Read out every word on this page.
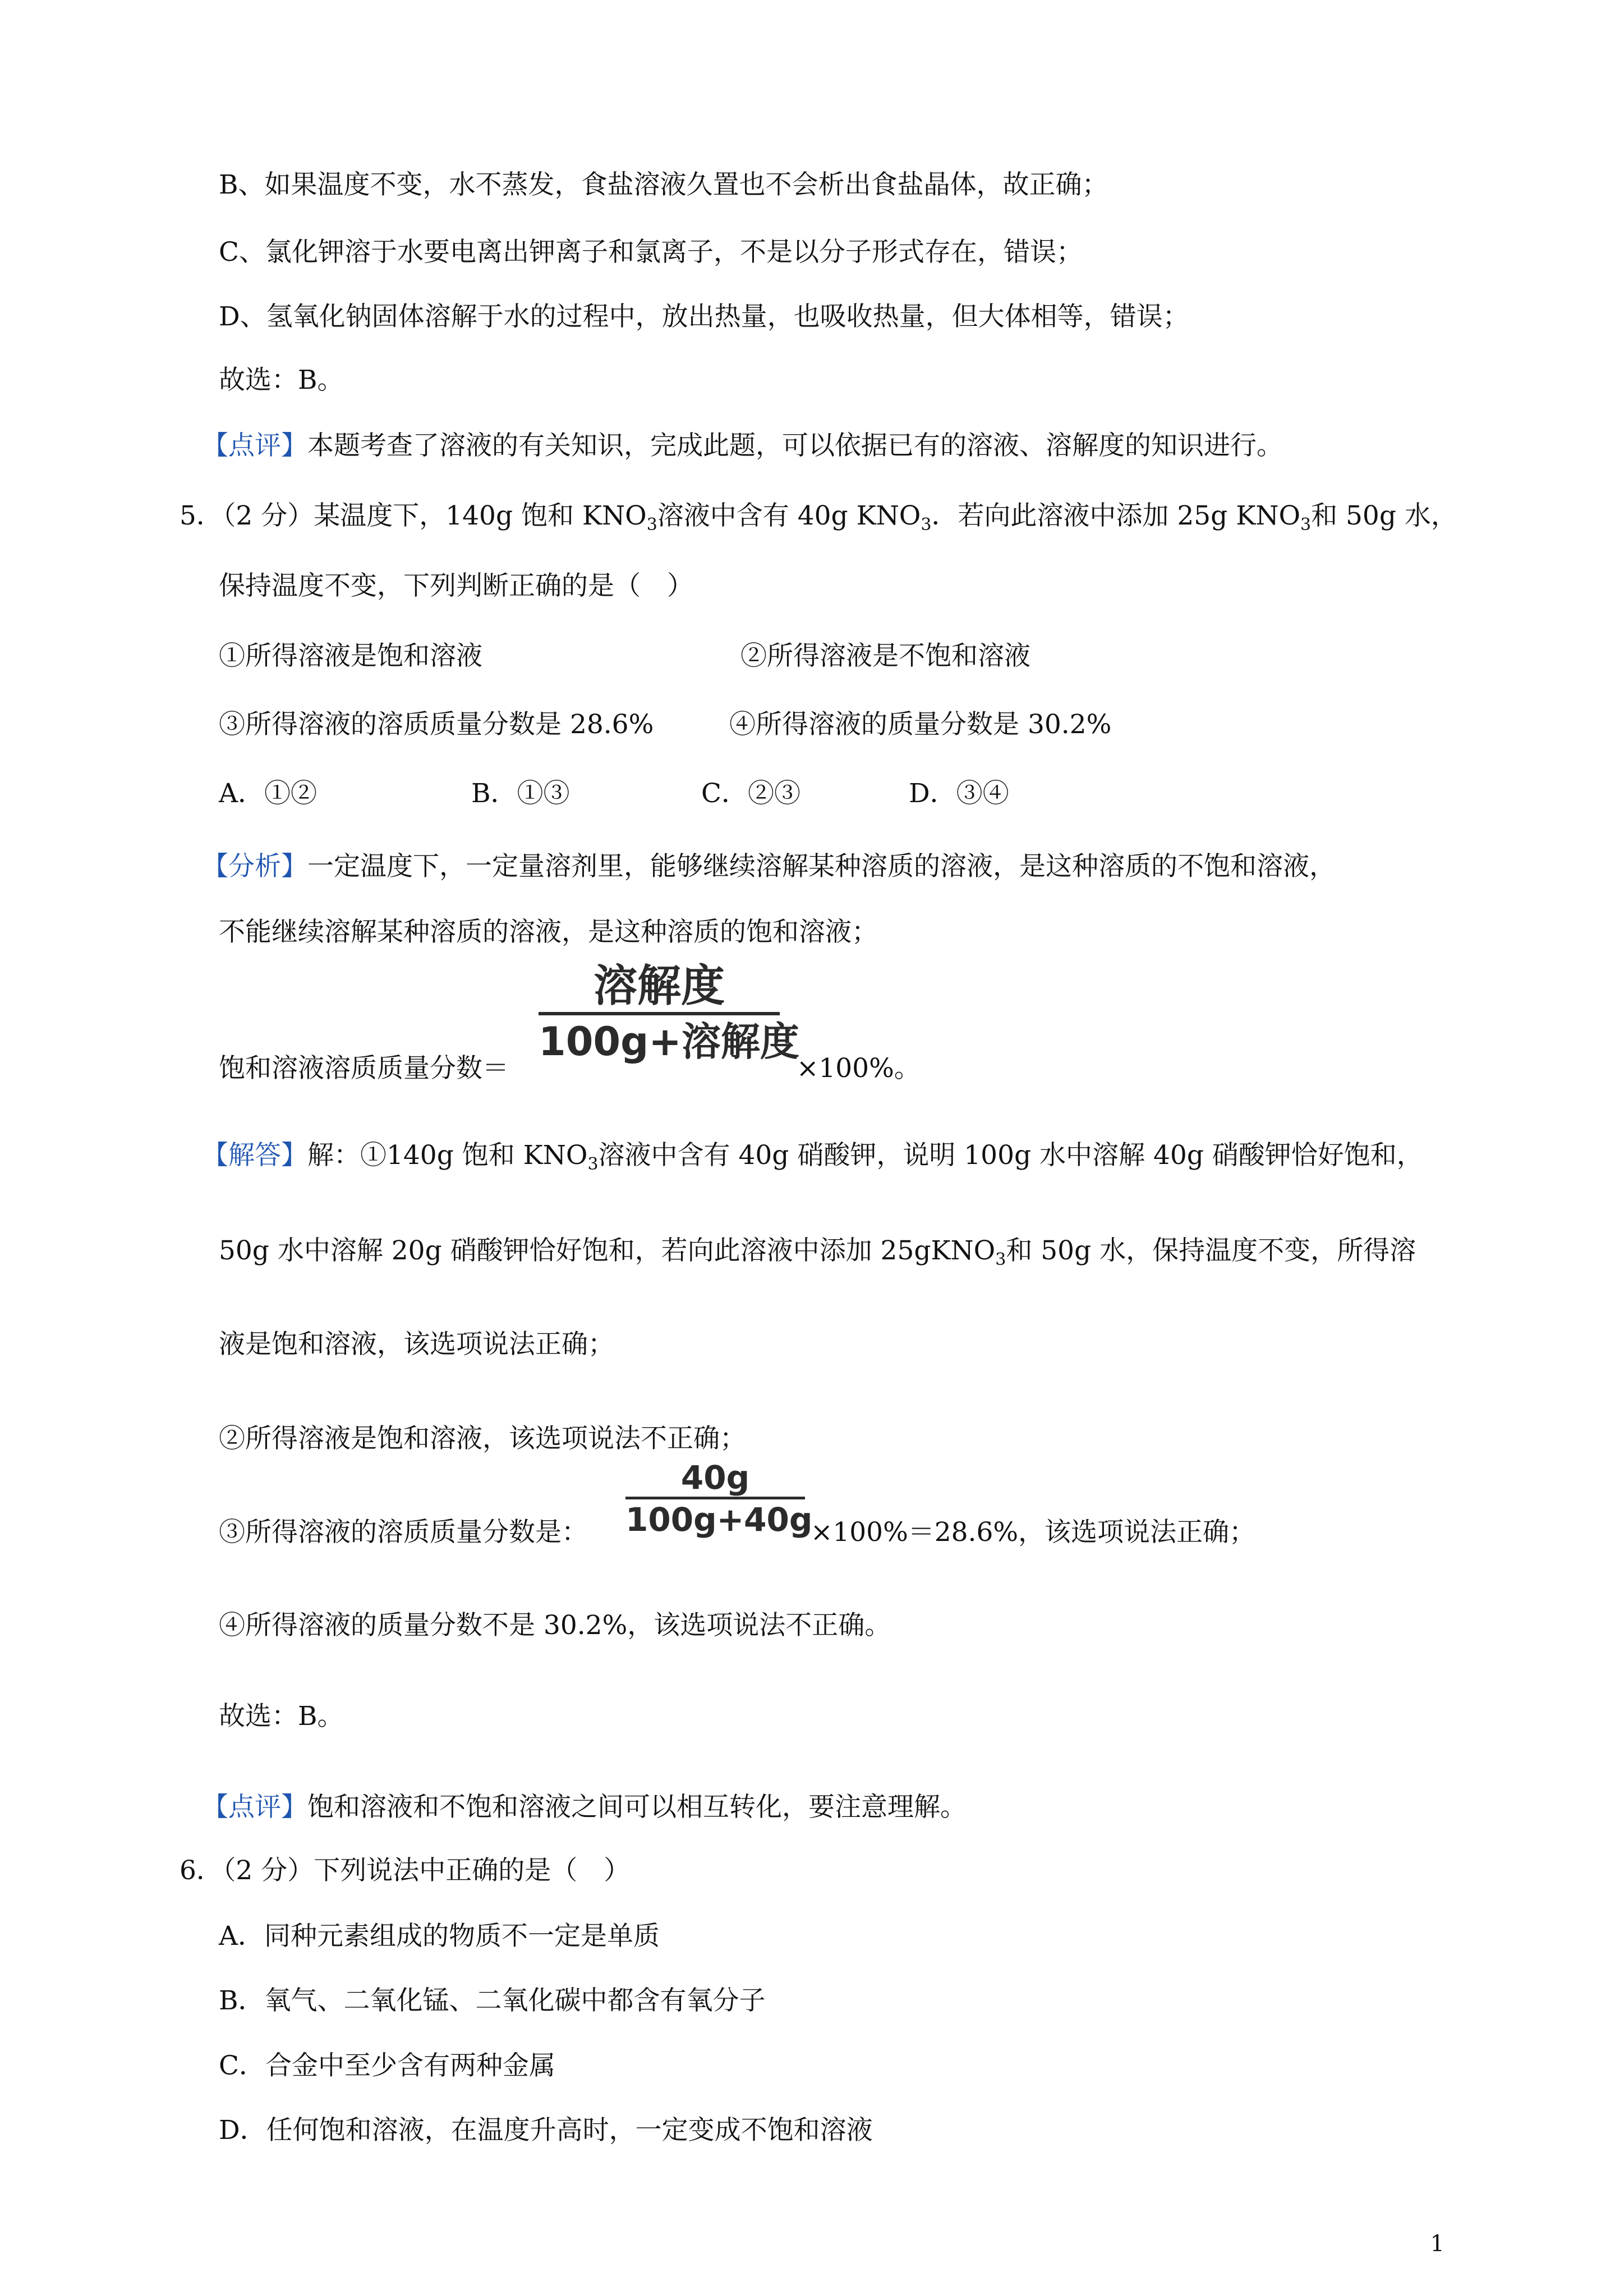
B、如果温度不变，水不蒸发，食盐溶液久置也不会析出食盐晶体，故正确；
C、氯化钾溶于水要电离出钾离子和氯离子，不是以分子形式存在，错误；
D、氢氧化钠固体溶解于水的过程中，放出热量，也吸收热量，但大体相等，错误；
故选：B。
【点评】本题考查了溶液的有关知识，完成此题，可以依据已有的溶液、溶解度的知识进行。
5．（2 分）某温度下，140g 饱和 $KNO_3$溶液中含有 40g $KNO_3$．若向此溶液中添加 25g $KNO_3$和 50g 水，
保持温度不变，下列判断正确的是（　）
①所得溶液是饱和溶液	②所得溶液是不饱和溶液
③所得溶液的溶质质量分数是 28.6%	④所得溶液的质量分数是 30.2%
A．①②	B．①③	C．②③	D．③④
【分析】一定温度下，一定量溶剂里，能够继续溶解某种溶质的溶液，是这种溶质的不饱和溶液，
不能继续溶解某种溶质的溶液，是这种溶质的饱和溶液；
饱和溶液溶质质量分数＝
溶解度
100g+溶解度
×100%。
【解答】解：①140g 饱和 $KNO_3$溶液中含有 40g 硝酸钾，说明 100g 水中溶解 40g 硝酸钾恰好饱和，
50g 水中溶解 20g 硝酸钾恰好饱和，若向此溶液中添加 25gKNO$_3$和 50g 水，保持温度不变，所得溶
液是饱和溶液，该选项说法正确；
②所得溶液是饱和溶液，该选项说法不正确；
③所得溶液的溶质质量分数是：
40g
100g+40g
×100%＝28.6%，该选项说法正确；
④所得溶液的质量分数不是 30.2%，该选项说法不正确。
故选：B。
【点评】饱和溶液和不饱和溶液之间可以相互转化，要注意理解。
6．（2 分）下列说法中正确的是（　）
A．同种元素组成的物质不一定是单质
B．氧气、二氧化锰、二氧化碳中都含有氧分子
C．合金中至少含有两种金属
D．任何饱和溶液，在温度升高时，一定变成不饱和溶液
1
